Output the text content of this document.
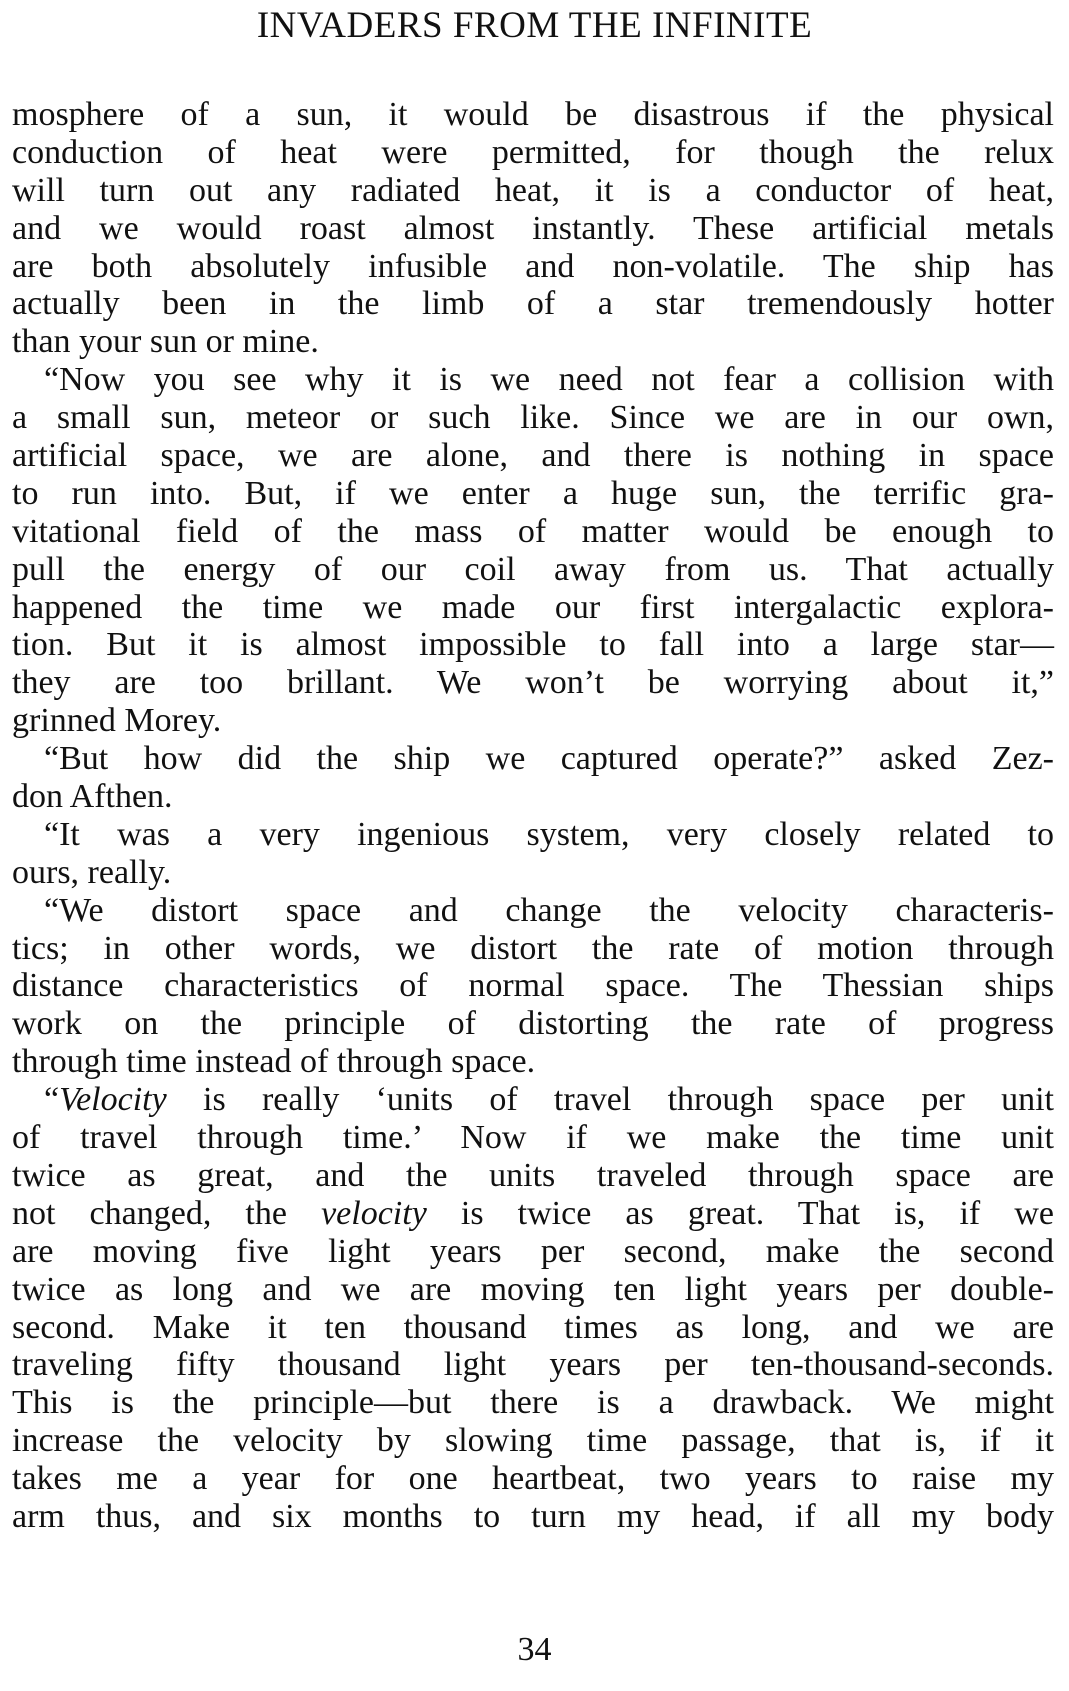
INVADERS FROM THE INFINITE
mosphere of a sun, it would be disastrous if the physical
conduction of heat were permitted, for though the relux
will turn out any radiated heat, it is a conductor of heat,
and we would roast almost instantly. These artificial metals
are both absolutely infusible and non-volatile. The ship has
actually been in the limb of a star tremendously hotter
than your sun or mine.
“Now you see why it is we need not fear a collision with
a small sun, meteor or such like. Since we are in our own,
artificial space, we are alone, and there is nothing in space
to run into. But, if we enter a huge sun, the terrific gra-
vitational field of the mass of matter would be enough to
pull the energy of our coil away from us. That actually
happened the time we made our first intergalactic explora-
tion. But it is almost impossible to fall into a large star—
they are too brillant. We won’t be worrying about it,”
grinned Morey.
“But how did the ship we captured operate?” asked Zez-
don Afthen.
“It was a very ingenious system, very closely related to
ours, really.
“We distort space and change the velocity characteris-
tics; in other words, we distort the rate of motion through
distance characteristics of normal space. The Thessian ships
work on the principle of distorting the rate of progress
through time instead of through space.
“Velocity is really ‘units of travel through space per unit
of travel through time.’ Now if we make the time unit
twice as great, and the units traveled through space are
not changed, the velocity is twice as great. That is, if we
are moving five light years per second, make the second
twice as long and we are moving ten light years per double-
second. Make it ten thousand times as long, and we are
traveling fifty thousand light years per ten-thousand-seconds.
This is the principle—but there is a drawback. We might
increase the velocity by slowing time passage, that is, if it
takes me a year for one heartbeat, two years to raise my
arm thus, and six months to turn my head, if all my body
34
